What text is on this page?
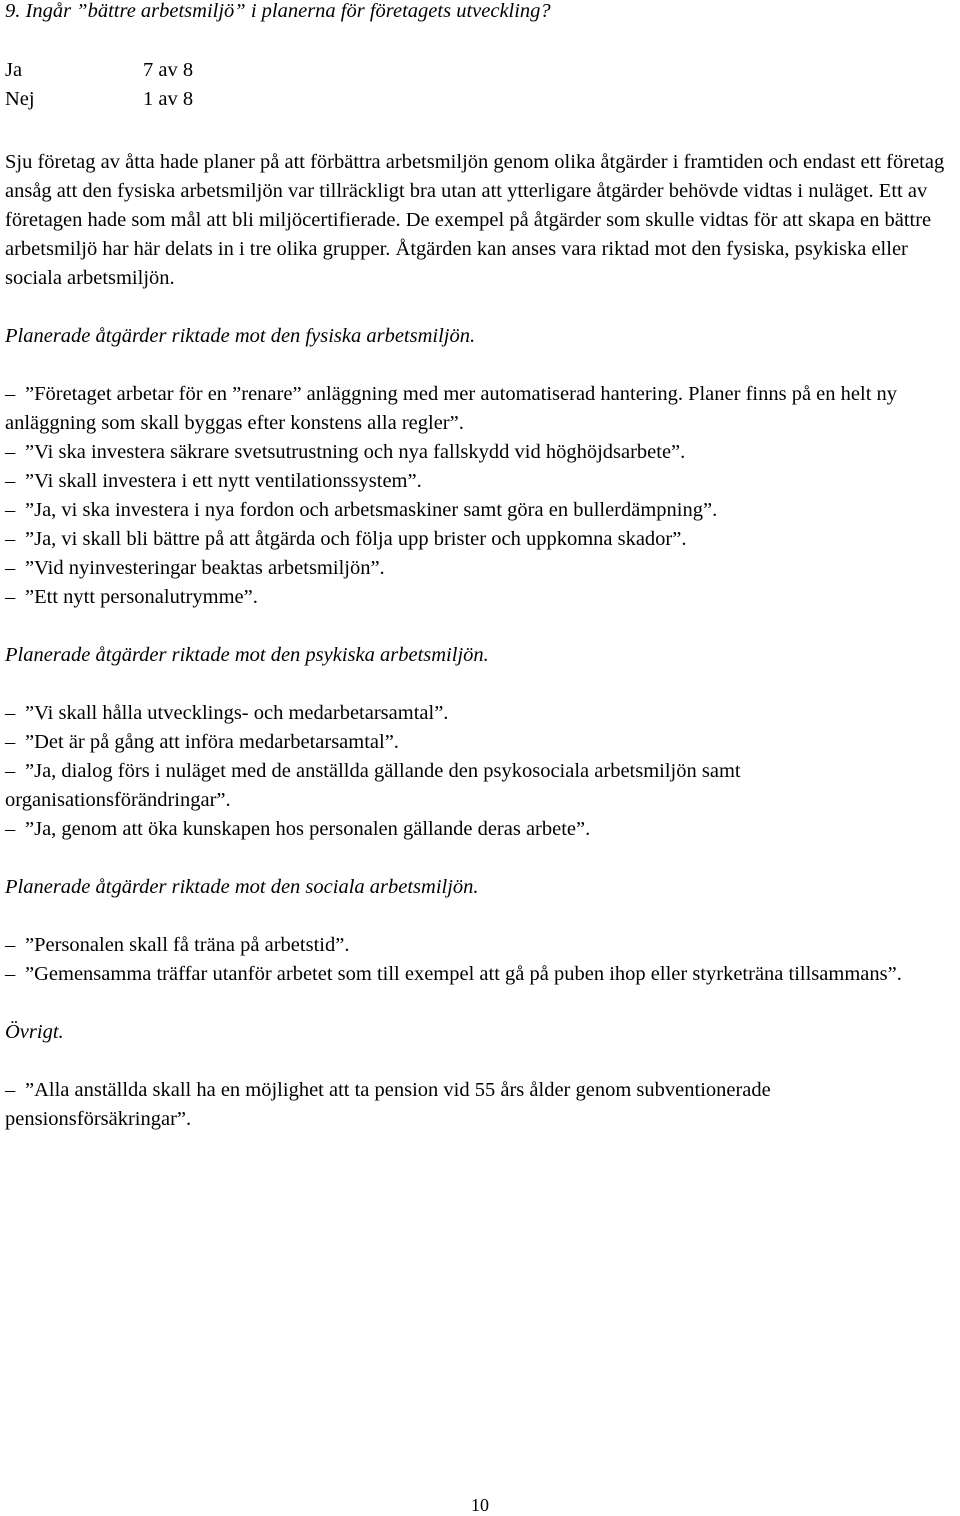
9. Ingår ”bättre arbetsmiljö” i planerna för företagets utveckling?

Ja	7 av 8
Nej	1 av 8

Sju företag av åtta hade planer på att förbättra arbetsmiljön genom olika åtgärder i framtiden och endast ett företag ansåg att den fysiska arbetsmiljön var tillräckligt bra utan att ytterligare åtgärder behövde vidtas i nuläget. Ett av företagen hade som mål att bli miljöcertifierade. De exempel på åtgärder som skulle vidtas för att skapa en bättre arbetsmiljö har här delats in i tre olika grupper. Åtgärden kan anses vara riktad mot den fysiska, psykiska eller sociala arbetsmiljön.

Planerade åtgärder riktade mot den fysiska arbetsmiljön.

– ”Företaget arbetar för en ”renare” anläggning med mer automatiserad hantering. Planer finns på en helt ny anläggning som skall byggas efter konstens alla regler”.
– ”Vi ska investera säkrare svetsutrustning och nya fallskydd vid höghöjdsarbete”.
– ”Vi skall investera i ett nytt ventilationssystem”.
– ”Ja, vi ska investera i nya fordon och arbetsmaskiner samt göra en bullerdämpning”.
– ”Ja, vi skall bli bättre på att åtgärda och följa upp brister och uppkomna skador”.
– ”Vid nyinvesteringar beaktas arbetsmiljön”.
– ”Ett nytt personalutrymme”.

Planerade åtgärder riktade mot den psykiska arbetsmiljön.

– ”Vi skall hålla utvecklings- och medarbetarsamtal”.
– ”Det är på gång att införa medarbetarsamtal”.
– ”Ja, dialog förs i nuläget med de anställda gällande den psykosociala arbetsmiljön samt organisationsförändringar”.
– ”Ja, genom att öka kunskapen hos personalen gällande deras arbete”.

Planerade åtgärder riktade mot den sociala arbetsmiljön.

– ”Personalen skall få träna på arbetstid”.
– ”Gemensamma träffar utanför arbetet som till exempel att gå på puben ihop eller styrketräna tillsammans”.

Övrigt.

– ”Alla anställda skall ha en möjlighet att ta pension vid 55 års ålder genom subventionerade pensionsförsäkringar”.
10
